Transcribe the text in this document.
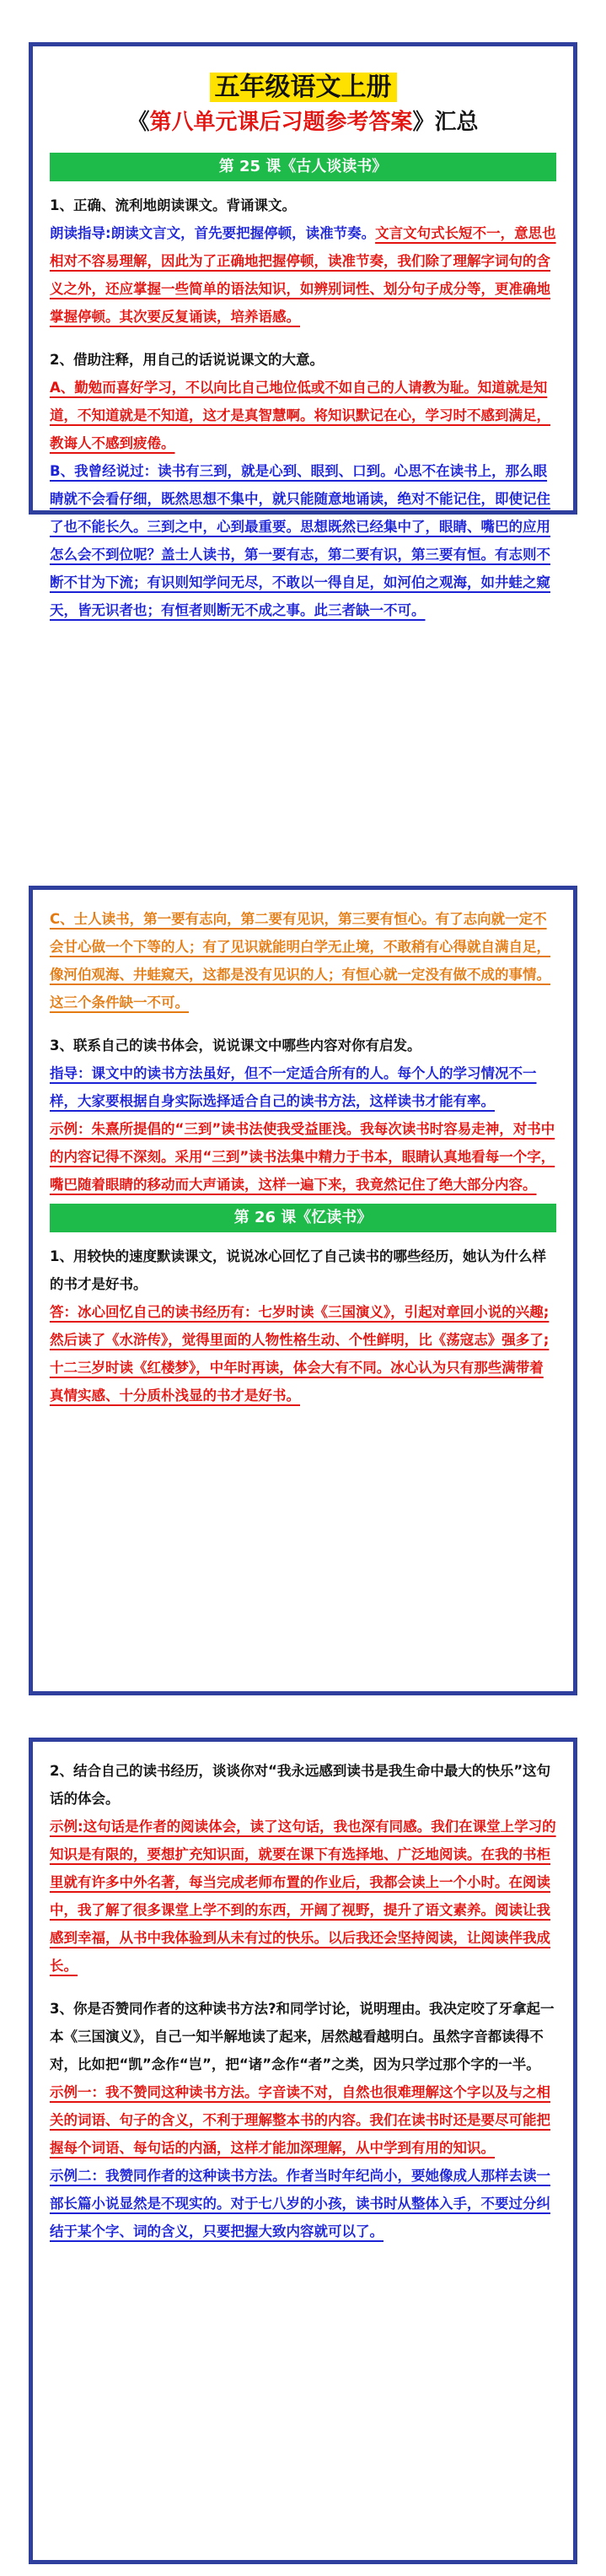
五年级语文上册
《第八单元课后习题参考答案》汇总
第 25 课《古人谈读书》

1、正确、流利地朗读课文。背诵课文。

朗读指导:朗读文言文，首先要把握停顿，读准节奏。文言文句式长短不一，意思也相对不容易理解，因此为了正确地把握停顿，读准节奏，我们除了理解字词句的含义之外，还应掌握一些简单的语法知识，如辨别词性、划分句子成分等，更准确地掌握停顿。其次要反复诵读，培养语感。

2、借助注释，用自己的话说说课文的大意。

A、勤勉而喜好学习，不以向比自己地位低或不如自己的人请教为耻。知道就是知道，不知道就是不知道，这才是真智慧啊。将知识默记在心，学习时不感到满足，教诲人不感到疲倦。

B、我曾经说过：读书有三到，就是心到、眼到、口到。心思不在读书上，那么眼睛就不会看仔细，既然思想不集中，就只能随意地诵读，绝对不能记住，即使记住了也不能长久。三到之中，心到最重要。思想既然已经集中了，眼睛、嘴巴的应用怎么会不到位呢？盖士人读书，第一要有志，第二要有识，第三要有恒。有志则不断不甘为下流；有识则知学问无尽，不敢以一得自足，如河伯之观海，如井蛙之窥天，皆无识者也；有恒者则断无不成之事。此三者缺一不可。

C、士人读书，第一要有志向，第二要有见识，第三要有恒心。有了志向就一定不会甘心做一个下等的人；有了见识就能明白学无止境，不敢稍有心得就自满自足，像河伯观海、井蛙窥天，这都是没有见识的人；有恒心就一定没有做不成的事情。这三个条件缺一不可。

3、联系自己的读书体会，说说课文中哪些内容对你有启发。

指导：课文中的读书方法虽好，但不一定适合所有的人。每个人的学习情况不一样，大家要根据自身实际选择适合自己的读书方法，这样读书才能有率。

示例：朱熹所提倡的“三到”读书法使我受益匪浅。我每次读书时容易走神，对书中的内容记得不深刻。采用“三到”读书法集中精力于书本，眼睛认真地看每一个字，嘴巴随着眼睛的移动而大声诵读，这样一遍下来，我竟然记住了绝大部分内容。

第 26 课《忆读书》

1、用较快的速度默读课文，说说冰心回忆了自己读书的哪些经历，她认为什么样的书才是好书。

答：冰心回忆自己的读书经历有：七岁时读《三国演义》，引起对章回小说的兴趣;然后读了《水浒传》，觉得里面的人物性格生动、个性鲜明，比《荡寇志》强多了;十二三岁时读《红楼梦》，中年时再读，体会大有不同。冰心认为只有那些满带着真情实感、十分质朴浅显的书才是好书。

2、结合自己的读书经历，谈谈你对“我永远感到读书是我生命中最大的快乐”这句话的体会。

示例:这句话是作者的阅读体会，读了这句话，我也深有同感。我们在课堂上学习的知识是有限的，要想扩充知识面，就要在课下有选择地、广泛地阅读。在我的书柜里就有许多中外名著，每当完成老师布置的作业后，我都会读上一个小时。在阅读中，我了解了很多课堂上学不到的东西，开阔了视野，提升了语文素养。阅读让我感到幸福，从书中我体验到从未有过的快乐。以后我还会坚持阅读，让阅读伴我成长。

3、你是否赞同作者的这种读书方法?和同学讨论，说明理由。我决定咬了牙拿起一本《三国演义》，自己一知半解地读了起来，居然越看越明白。虽然字音都读得不对，比如把“凯”念作“岂”，把“诸”念作“者”之类，因为只学过那个字的一半。

示例一：我不赞同这种读书方法。字音读不对，自然也很难理解这个字以及与之相关的词语、句子的含义，不利于理解整本书的内容。我们在读书时还是要尽可能把握每个词语、每句话的内涵，这样才能加深理解，从中学到有用的知识。

示例二：我赞同作者的这种读书方法。作者当时年纪尚小，要她像成人那样去读一部长篇小说显然是不现实的。对于七八岁的小孩，读书时从整体入手，不要过分纠结于某个字、词的含义，只要把握大致内容就可以了。
